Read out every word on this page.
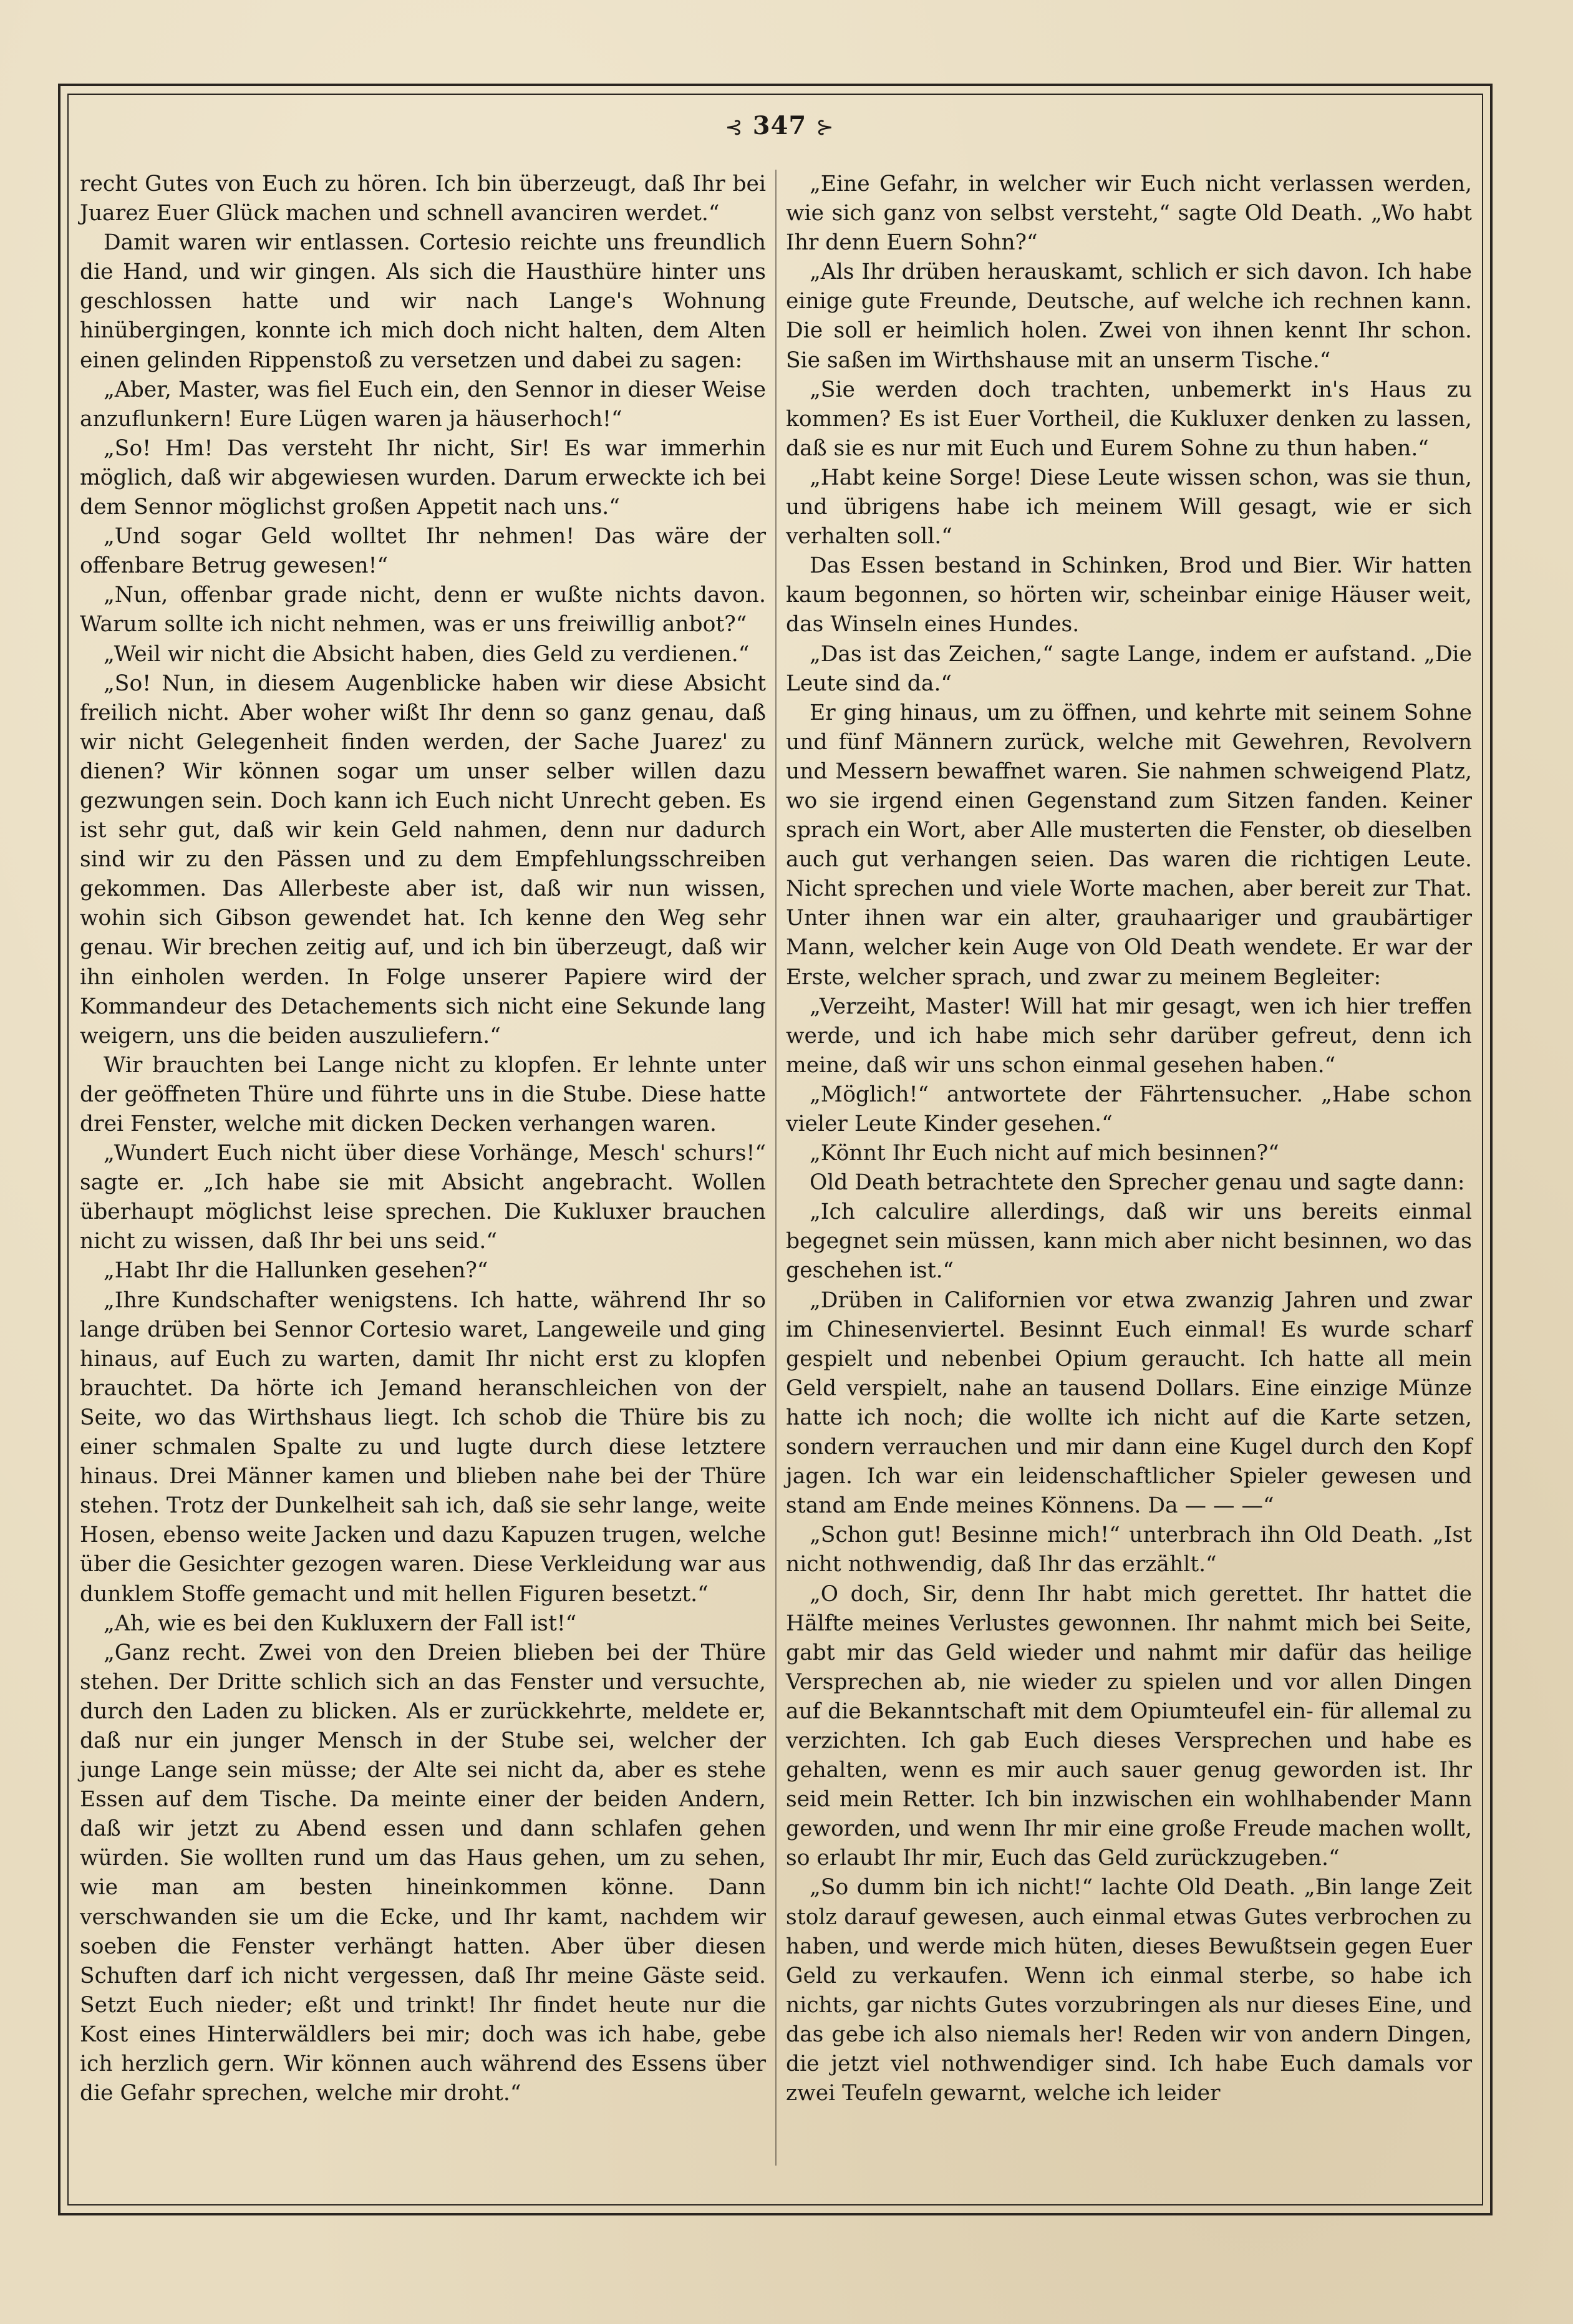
⊰ 347 ⊱

recht Gutes von Euch zu hören. Ich bin überzeugt, daß Ihr bei Juarez Euer Glück machen und schnell avanciren werdet.“

Damit waren wir entlassen. Cortesio reichte uns freundlich die Hand, und wir gingen. Als sich die Hausthüre hinter uns geschlossen hatte und wir nach Lange's Wohnung hinübergingen, konnte ich mich doch nicht halten, dem Alten einen gelinden Rippenstoß zu versetzen und dabei zu sagen:

„Aber, Master, was fiel Euch ein, den Sennor in dieser Weise anzuflunkern! Eure Lügen waren ja häuserhoch!“

„So! Hm! Das versteht Ihr nicht, Sir! Es war immerhin möglich, daß wir abgewiesen wurden. Darum erweckte ich bei dem Sennor möglichst großen Appetit nach uns.“

„Und sogar Geld wolltet Ihr nehmen! Das wäre der offenbare Betrug gewesen!“

„Nun, offenbar grade nicht, denn er wußte nichts davon. Warum sollte ich nicht nehmen, was er uns freiwillig anbot?“

„Weil wir nicht die Absicht haben, dies Geld zu verdienen.“

„So! Nun, in diesem Augenblicke haben wir diese Absicht freilich nicht. Aber woher wißt Ihr denn so ganz genau, daß wir nicht Gelegenheit finden werden, der Sache Juarez' zu dienen? Wir können sogar um unser selber willen dazu gezwungen sein. Doch kann ich Euch nicht Unrecht geben. Es ist sehr gut, daß wir kein Geld nahmen, denn nur dadurch sind wir zu den Pässen und zu dem Empfehlungsschreiben gekommen. Das Allerbeste aber ist, daß wir nun wissen, wohin sich Gibson gewendet hat. Ich kenne den Weg sehr genau. Wir brechen zeitig auf, und ich bin überzeugt, daß wir ihn einholen werden. In Folge unserer Papiere wird der Kommandeur des Detachements sich nicht eine Sekunde lang weigern, uns die beiden auszuliefern.“

Wir brauchten bei Lange nicht zu klopfen. Er lehnte unter der geöffneten Thüre und führte uns in die Stube. Diese hatte drei Fenster, welche mit dicken Decken verhangen waren.

„Wundert Euch nicht über diese Vorhänge, Mesch' schurs!“ sagte er. „Ich habe sie mit Absicht angebracht. Wollen überhaupt möglichst leise sprechen. Die Kukluxer brauchen nicht zu wissen, daß Ihr bei uns seid.“

„Habt Ihr die Hallunken gesehen?“

„Ihre Kundschafter wenigstens. Ich hatte, während Ihr so lange drüben bei Sennor Cortesio waret, Langeweile und ging hinaus, auf Euch zu warten, damit Ihr nicht erst zu klopfen brauchtet. Da hörte ich Jemand heranschleichen von der Seite, wo das Wirthshaus liegt. Ich schob die Thüre bis zu einer schmalen Spalte zu und lugte durch diese letztere hinaus. Drei Männer kamen und blieben nahe bei der Thüre stehen. Trotz der Dunkelheit sah ich, daß sie sehr lange, weite Hosen, ebenso weite Jacken und dazu Kapuzen trugen, welche über die Gesichter gezogen waren. Diese Verkleidung war aus dunklem Stoffe gemacht und mit hellen Figuren besetzt.“

„Ah, wie es bei den Kukluxern der Fall ist!“

„Ganz recht. Zwei von den Dreien blieben bei der Thüre stehen. Der Dritte schlich sich an das Fenster und versuchte, durch den Laden zu blicken. Als er zurückkehrte, meldete er, daß nur ein junger Mensch in der Stube sei, welcher der junge Lange sein müsse; der Alte sei nicht da, aber es stehe Essen auf dem Tische. Da meinte einer der beiden Andern, daß wir jetzt zu Abend essen und dann schlafen gehen würden. Sie wollten rund um das Haus gehen, um zu sehen, wie man am besten hineinkommen könne. Dann verschwanden sie um die Ecke, und Ihr kamt, nachdem wir soeben die Fenster verhängt hatten. Aber über diesen Schuften darf ich nicht vergessen, daß Ihr meine Gäste seid. Setzt Euch nieder; eßt und trinkt! Ihr findet heute nur die Kost eines Hinterwäldlers bei mir; doch was ich habe, gebe ich herzlich gern. Wir können auch während des Essens über die Gefahr sprechen, welche mir droht.“

„Eine Gefahr, in welcher wir Euch nicht verlassen werden, wie sich ganz von selbst versteht,“ sagte Old Death. „Wo habt Ihr denn Euern Sohn?“

„Als Ihr drüben herauskamt, schlich er sich davon. Ich habe einige gute Freunde, Deutsche, auf welche ich rechnen kann. Die soll er heimlich holen. Zwei von ihnen kennt Ihr schon. Sie saßen im Wirthshause mit an unserm Tische.“

„Sie werden doch trachten, unbemerkt in's Haus zu kommen? Es ist Euer Vortheil, die Kukluxer denken zu lassen, daß sie es nur mit Euch und Eurem Sohne zu thun haben.“

„Habt keine Sorge! Diese Leute wissen schon, was sie thun, und übrigens habe ich meinem Will gesagt, wie er sich verhalten soll.“

Das Essen bestand in Schinken, Brod und Bier. Wir hatten kaum begonnen, so hörten wir, scheinbar einige Häuser weit, das Winseln eines Hundes.

„Das ist das Zeichen,“ sagte Lange, indem er aufstand. „Die Leute sind da.“

Er ging hinaus, um zu öffnen, und kehrte mit seinem Sohne und fünf Männern zurück, welche mit Gewehren, Revolvern und Messern bewaffnet waren. Sie nahmen schweigend Platz, wo sie irgend einen Gegenstand zum Sitzen fanden. Keiner sprach ein Wort, aber Alle musterten die Fenster, ob dieselben auch gut verhangen seien. Das waren die richtigen Leute. Nicht sprechen und viele Worte machen, aber bereit zur That. Unter ihnen war ein alter, grauhaariger und graubärtiger Mann, welcher kein Auge von Old Death wendete. Er war der Erste, welcher sprach, und zwar zu meinem Begleiter:

„Verzeiht, Master! Will hat mir gesagt, wen ich hier treffen werde, und ich habe mich sehr darüber gefreut, denn ich meine, daß wir uns schon einmal gesehen haben.“

„Möglich!“ antwortete der Fährtensucher. „Habe schon vieler Leute Kinder gesehen.“

„Könnt Ihr Euch nicht auf mich besinnen?“

Old Death betrachtete den Sprecher genau und sagte dann:

„Ich calculire allerdings, daß wir uns bereits einmal begegnet sein müssen, kann mich aber nicht besinnen, wo das geschehen ist.“

„Drüben in Californien vor etwa zwanzig Jahren und zwar im Chinesenviertel. Besinnt Euch einmal! Es wurde scharf gespielt und nebenbei Opium geraucht. Ich hatte all mein Geld verspielt, nahe an tausend Dollars. Eine einzige Münze hatte ich noch; die wollte ich nicht auf die Karte setzen, sondern verrauchen und mir dann eine Kugel durch den Kopf jagen. Ich war ein leidenschaftlicher Spieler gewesen und stand am Ende meines Könnens. Da — — —“

„Schon gut! Besinne mich!“ unterbrach ihn Old Death. „Ist nicht nothwendig, daß Ihr das erzählt.“

„O doch, Sir, denn Ihr habt mich gerettet. Ihr hattet die Hälfte meines Verlustes gewonnen. Ihr nahmt mich bei Seite, gabt mir das Geld wieder und nahmt mir dafür das heilige Versprechen ab, nie wieder zu spielen und vor allen Dingen auf die Bekanntschaft mit dem Opiumteufel ein- für allemal zu verzichten. Ich gab Euch dieses Versprechen und habe es gehalten, wenn es mir auch sauer genug geworden ist. Ihr seid mein Retter. Ich bin inzwischen ein wohlhabender Mann geworden, und wenn Ihr mir eine große Freude machen wollt, so erlaubt Ihr mir, Euch das Geld zurückzugeben.“

„So dumm bin ich nicht!“ lachte Old Death. „Bin lange Zeit stolz darauf gewesen, auch einmal etwas Gutes verbrochen zu haben, und werde mich hüten, dieses Bewußtsein gegen Euer Geld zu verkaufen. Wenn ich einmal sterbe, so habe ich nichts, gar nichts Gutes vorzubringen als nur dieses Eine, und das gebe ich also niemals her! Reden wir von andern Dingen, die jetzt viel nothwendiger sind. Ich habe Euch damals vor zwei Teufeln gewarnt, welche ich leider
